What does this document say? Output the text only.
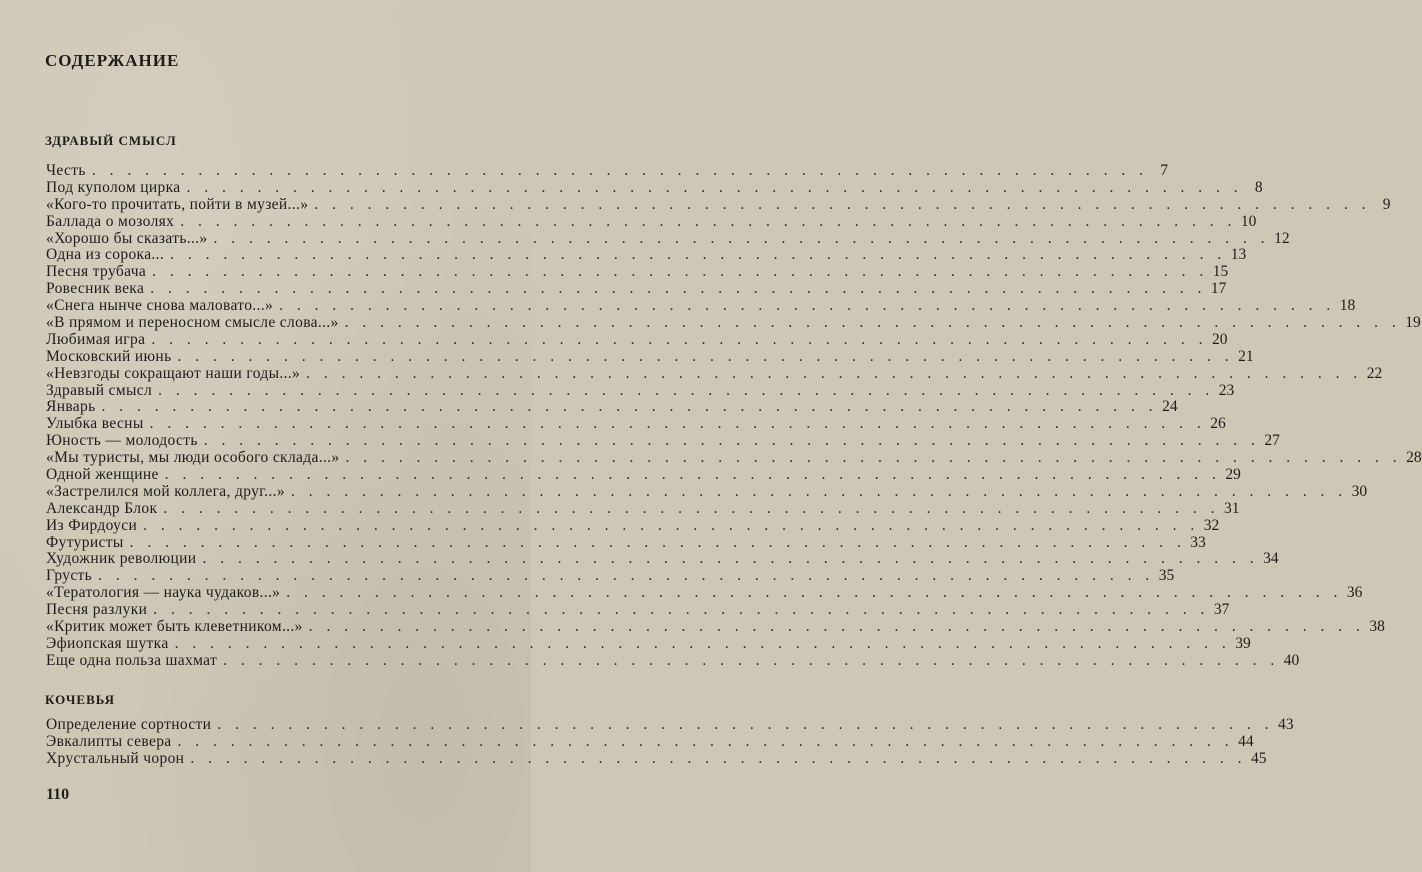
СОДЕРЖАНИЕ
ЗДРАВЫЙ СМЫСЛ
Честь . . . . . . . . . . . . . . . . . . . . . . . . . . . . . . . . . . . . . . . . . . . . . . . . . . . . . . . . . . . . 7
Под куполом цирка . . . . . . . . . . . . . . . . . . . . . . . . . . . . . . . . . . . . . . . . . . . . . . . . . . . . . . . . . . . . 8
«Кого-то прочитать, пойти в музей...» . . . . . . . . . . . . . . . . . . . . . . . . . . . . . . . . . . . . . . . . . . . . . . . . . . . . . . . . . . . . 9
Баллада о мозолях . . . . . . . . . . . . . . . . . . . . . . . . . . . . . . . . . . . . . . . . . . . . . . . . . . . . . . . . . . . . 10
«Хорошо бы сказать...» . . . . . . . . . . . . . . . . . . . . . . . . . . . . . . . . . . . . . . . . . . . . . . . . . . . . . . . . . . . . 12
Одна из сорока... . . . . . . . . . . . . . . . . . . . . . . . . . . . . . . . . . . . . . . . . . . . . . . . . . . . . . . . . . . . . 13
Песня трубача . . . . . . . . . . . . . . . . . . . . . . . . . . . . . . . . . . . . . . . . . . . . . . . . . . . . . . . . . . . . 15
Ровесник века . . . . . . . . . . . . . . . . . . . . . . . . . . . . . . . . . . . . . . . . . . . . . . . . . . . . . . . . . . . . 17
«Снега нынче снова маловато...» . . . . . . . . . . . . . . . . . . . . . . . . . . . . . . . . . . . . . . . . . . . . . . . . . . . . . . . . . . . . 18
«В прямом и переносном смысле слова...» . . . . . . . . . . . . . . . . . . . . . . . . . . . . . . . . . . . . . . . . . . . . . . . . . . . . . . . . . . . . 19
Любимая игра . . . . . . . . . . . . . . . . . . . . . . . . . . . . . . . . . . . . . . . . . . . . . . . . . . . . . . . . . . . . 20
Московский июнь . . . . . . . . . . . . . . . . . . . . . . . . . . . . . . . . . . . . . . . . . . . . . . . . . . . . . . . . . . . . 21
«Невзгоды сокращают наши годы...» . . . . . . . . . . . . . . . . . . . . . . . . . . . . . . . . . . . . . . . . . . . . . . . . . . . . . . . . . . . . 22
Здравый смысл . . . . . . . . . . . . . . . . . . . . . . . . . . . . . . . . . . . . . . . . . . . . . . . . . . . . . . . . . . . . 23
Январь . . . . . . . . . . . . . . . . . . . . . . . . . . . . . . . . . . . . . . . . . . . . . . . . . . . . . . . . . . . . 24
Улыбка весны . . . . . . . . . . . . . . . . . . . . . . . . . . . . . . . . . . . . . . . . . . . . . . . . . . . . . . . . . . . . 26
Юность — молодость . . . . . . . . . . . . . . . . . . . . . . . . . . . . . . . . . . . . . . . . . . . . . . . . . . . . . . . . . . . . 27
«Мы туристы, мы люди особого склада...» . . . . . . . . . . . . . . . . . . . . . . . . . . . . . . . . . . . . . . . . . . . . . . . . . . . . . . . . . . . . 28
Одной женщине . . . . . . . . . . . . . . . . . . . . . . . . . . . . . . . . . . . . . . . . . . . . . . . . . . . . . . . . . . . . 29
«Застрелился мой коллега, друг...» . . . . . . . . . . . . . . . . . . . . . . . . . . . . . . . . . . . . . . . . . . . . . . . . . . . . . . . . . . . . 30
Александр Блок . . . . . . . . . . . . . . . . . . . . . . . . . . . . . . . . . . . . . . . . . . . . . . . . . . . . . . . . . . . . 31
Из Фирдоуси . . . . . . . . . . . . . . . . . . . . . . . . . . . . . . . . . . . . . . . . . . . . . . . . . . . . . . . . . . . . 32
Футуристы . . . . . . . . . . . . . . . . . . . . . . . . . . . . . . . . . . . . . . . . . . . . . . . . . . . . . . . . . . . . 33
Художник революции . . . . . . . . . . . . . . . . . . . . . . . . . . . . . . . . . . . . . . . . . . . . . . . . . . . . . . . . . . . . 34
Грусть . . . . . . . . . . . . . . . . . . . . . . . . . . . . . . . . . . . . . . . . . . . . . . . . . . . . . . . . . . . . 35
«Тератология — наука чудаков...» . . . . . . . . . . . . . . . . . . . . . . . . . . . . . . . . . . . . . . . . . . . . . . . . . . . . . . . . . . . . 36
Песня разлуки . . . . . . . . . . . . . . . . . . . . . . . . . . . . . . . . . . . . . . . . . . . . . . . . . . . . . . . . . . . . 37
«Критик может быть клеветником...» . . . . . . . . . . . . . . . . . . . . . . . . . . . . . . . . . . . . . . . . . . . . . . . . . . . . . . . . . . . . 38
Эфиопская шутка . . . . . . . . . . . . . . . . . . . . . . . . . . . . . . . . . . . . . . . . . . . . . . . . . . . . . . . . . . . . 39
Еще одна польза шахмат . . . . . . . . . . . . . . . . . . . . . . . . . . . . . . . . . . . . . . . . . . . . . . . . . . . . . . . . . . . . 40
КОЧЕВЬЯ
Определение сортности . . . . . . . . . . . . . . . . . . . . . . . . . . . . . . . . . . . . . . . . . . . . . . . . . . . . . . . . . . . . 43
Эвкалипты севера . . . . . . . . . . . . . . . . . . . . . . . . . . . . . . . . . . . . . . . . . . . . . . . . . . . . . . . . . . . . 44
Хрустальный чорон . . . . . . . . . . . . . . . . . . . . . . . . . . . . . . . . . . . . . . . . . . . . . . . . . . . . . . . . . . . . 45
110
